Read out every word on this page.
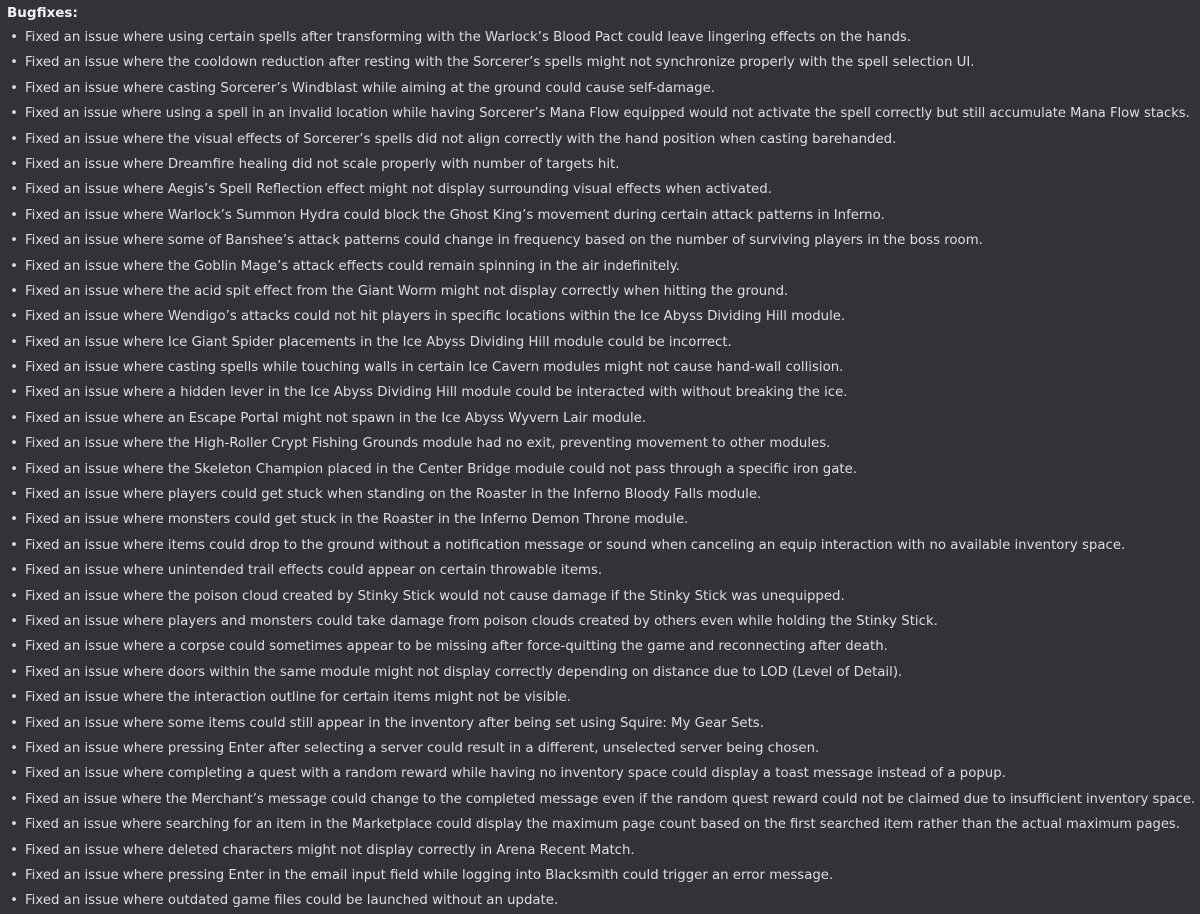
Bugfixes:
• Fixed an issue where using certain spells after transforming with the Warlock’s Blood Pact could leave lingering effects on the hands.
• Fixed an issue where the cooldown reduction after resting with the Sorcerer’s spells might not synchronize properly with the spell selection UI.
• Fixed an issue where casting Sorcerer’s Windblast while aiming at the ground could cause self-damage.
• Fixed an issue where using a spell in an invalid location while having Sorcerer’s Mana Flow equipped would not activate the spell correctly but still accumulate Mana Flow stacks.
• Fixed an issue where the visual effects of Sorcerer’s spells did not align correctly with the hand position when casting barehanded.
• Fixed an issue where Dreamfire healing did not scale properly with number of targets hit.
• Fixed an issue where Aegis’s Spell Reflection effect might not display surrounding visual effects when activated.
• Fixed an issue where Warlock’s Summon Hydra could block the Ghost King’s movement during certain attack patterns in Inferno.
• Fixed an issue where some of Banshee’s attack patterns could change in frequency based on the number of surviving players in the boss room.
• Fixed an issue where the Goblin Mage’s attack effects could remain spinning in the air indefinitely.
• Fixed an issue where the acid spit effect from the Giant Worm might not display correctly when hitting the ground.
• Fixed an issue where Wendigo’s attacks could not hit players in specific locations within the Ice Abyss Dividing Hill module.
• Fixed an issue where Ice Giant Spider placements in the Ice Abyss Dividing Hill module could be incorrect.
• Fixed an issue where casting spells while touching walls in certain Ice Cavern modules might not cause hand-wall collision.
• Fixed an issue where a hidden lever in the Ice Abyss Dividing Hill module could be interacted with without breaking the ice.
• Fixed an issue where an Escape Portal might not spawn in the Ice Abyss Wyvern Lair module.
• Fixed an issue where the High-Roller Crypt Fishing Grounds module had no exit, preventing movement to other modules.
• Fixed an issue where the Skeleton Champion placed in the Center Bridge module could not pass through a specific iron gate.
• Fixed an issue where players could get stuck when standing on the Roaster in the Inferno Bloody Falls module.
• Fixed an issue where monsters could get stuck in the Roaster in the Inferno Demon Throne module.
• Fixed an issue where items could drop to the ground without a notification message or sound when canceling an equip interaction with no available inventory space.
• Fixed an issue where unintended trail effects could appear on certain throwable items.
• Fixed an issue where the poison cloud created by Stinky Stick would not cause damage if the Stinky Stick was unequipped.
• Fixed an issue where players and monsters could take damage from poison clouds created by others even while holding the Stinky Stick.
• Fixed an issue where a corpse could sometimes appear to be missing after force-quitting the game and reconnecting after death.
• Fixed an issue where doors within the same module might not display correctly depending on distance due to LOD (Level of Detail).
• Fixed an issue where the interaction outline for certain items might not be visible.
• Fixed an issue where some items could still appear in the inventory after being set using Squire: My Gear Sets.
• Fixed an issue where pressing Enter after selecting a server could result in a different, unselected server being chosen.
• Fixed an issue where completing a quest with a random reward while having no inventory space could display a toast message instead of a popup.
• Fixed an issue where the Merchant’s message could change to the completed message even if the random quest reward could not be claimed due to insufficient inventory space.
• Fixed an issue where searching for an item in the Marketplace could display the maximum page count based on the first searched item rather than the actual maximum pages.
• Fixed an issue where deleted characters might not display correctly in Arena Recent Match.
• Fixed an issue where pressing Enter in the email input field while logging into Blacksmith could trigger an error message.
• Fixed an issue where outdated game files could be launched without an update.
